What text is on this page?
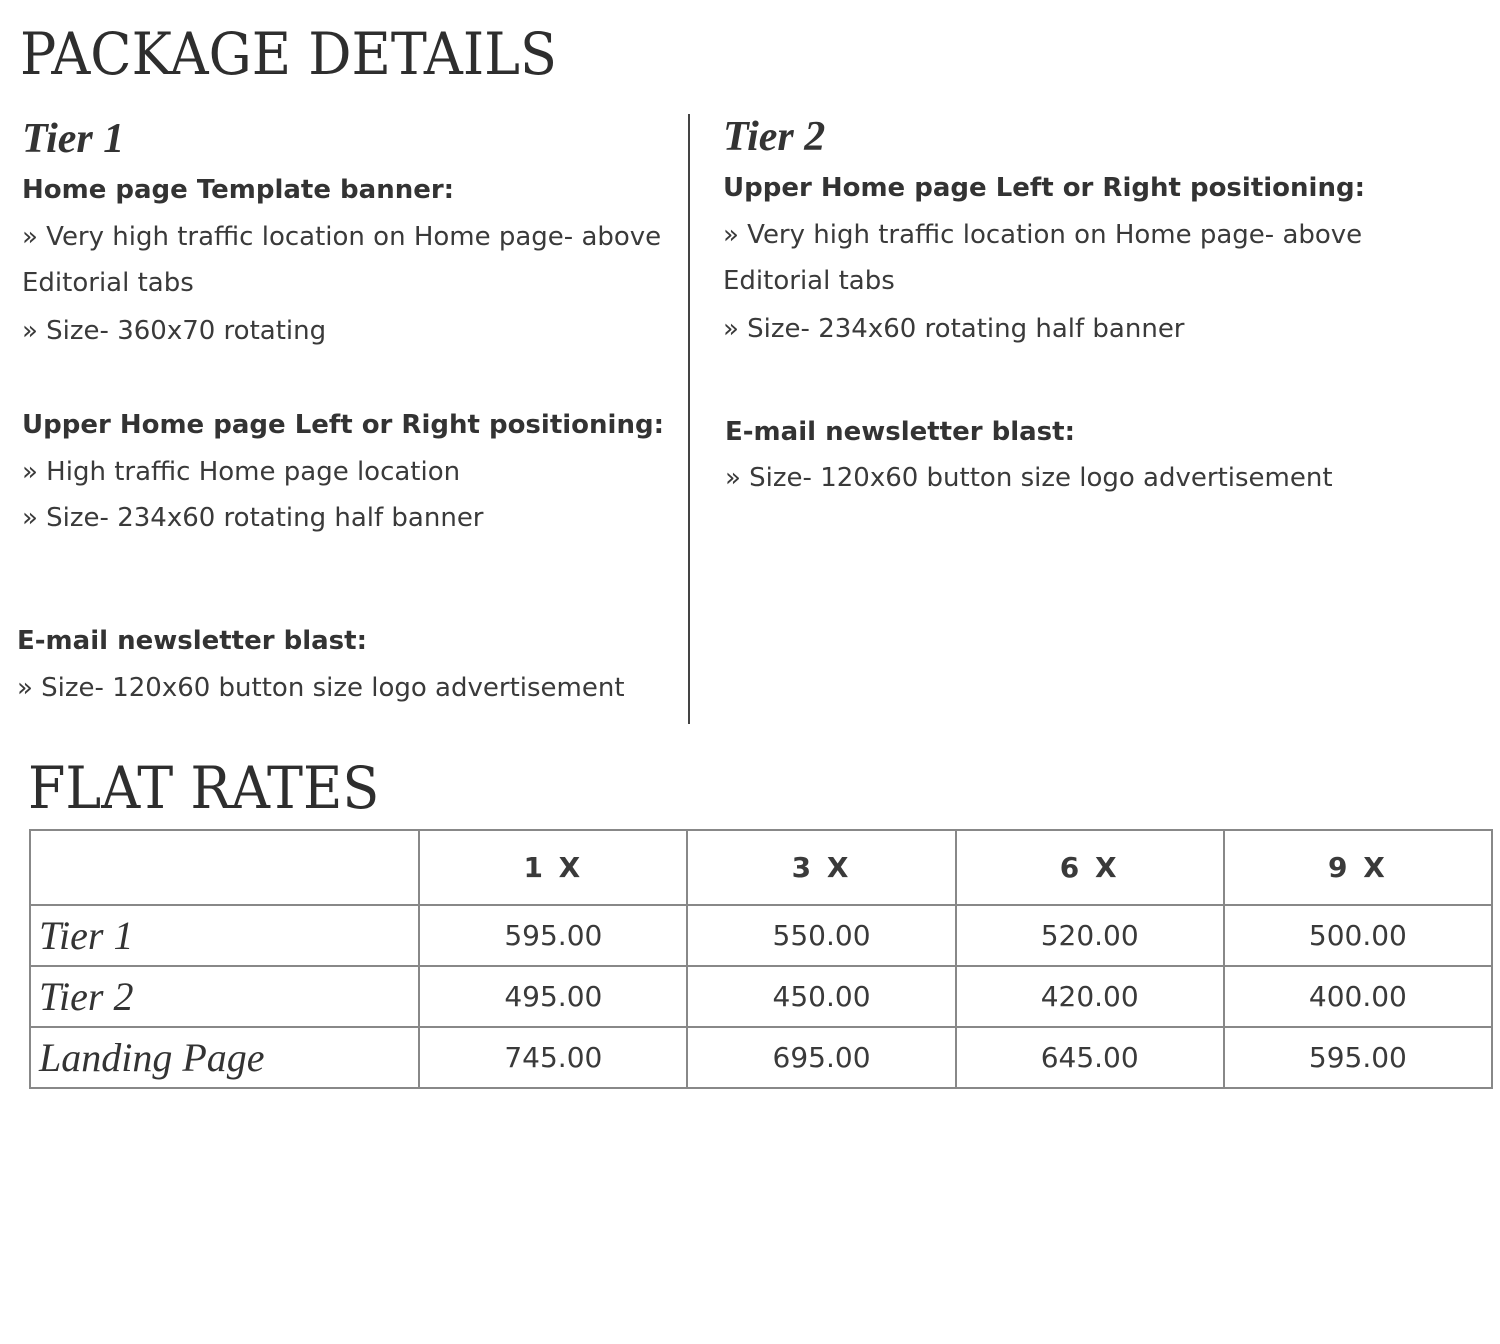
PACKAGE DETAILS
Tier 1
Home page Template banner:
» Very high traffic location on Home page- above
Editorial tabs
» Size- 360x70 rotating
Upper Home page Left or Right positioning:
» High traffic Home page location
» Size- 234x60 rotating half banner
E-mail newsletter blast:
» Size- 120x60 button size logo advertisement
Tier 2
Upper Home page Left or Right positioning:
» Very high traffic location on Home page- above
Editorial tabs
» Size- 234x60 rotating half banner
E-mail newsletter blast:
» Size- 120x60 button size logo advertisement
FLAT RATES
	1 X	3 X	6 X	9 X
Tier 1	595.00	550.00	520.00	500.00
Tier 2	495.00	450.00	420.00	400.00
Landing Page	745.00	695.00	645.00	595.00
